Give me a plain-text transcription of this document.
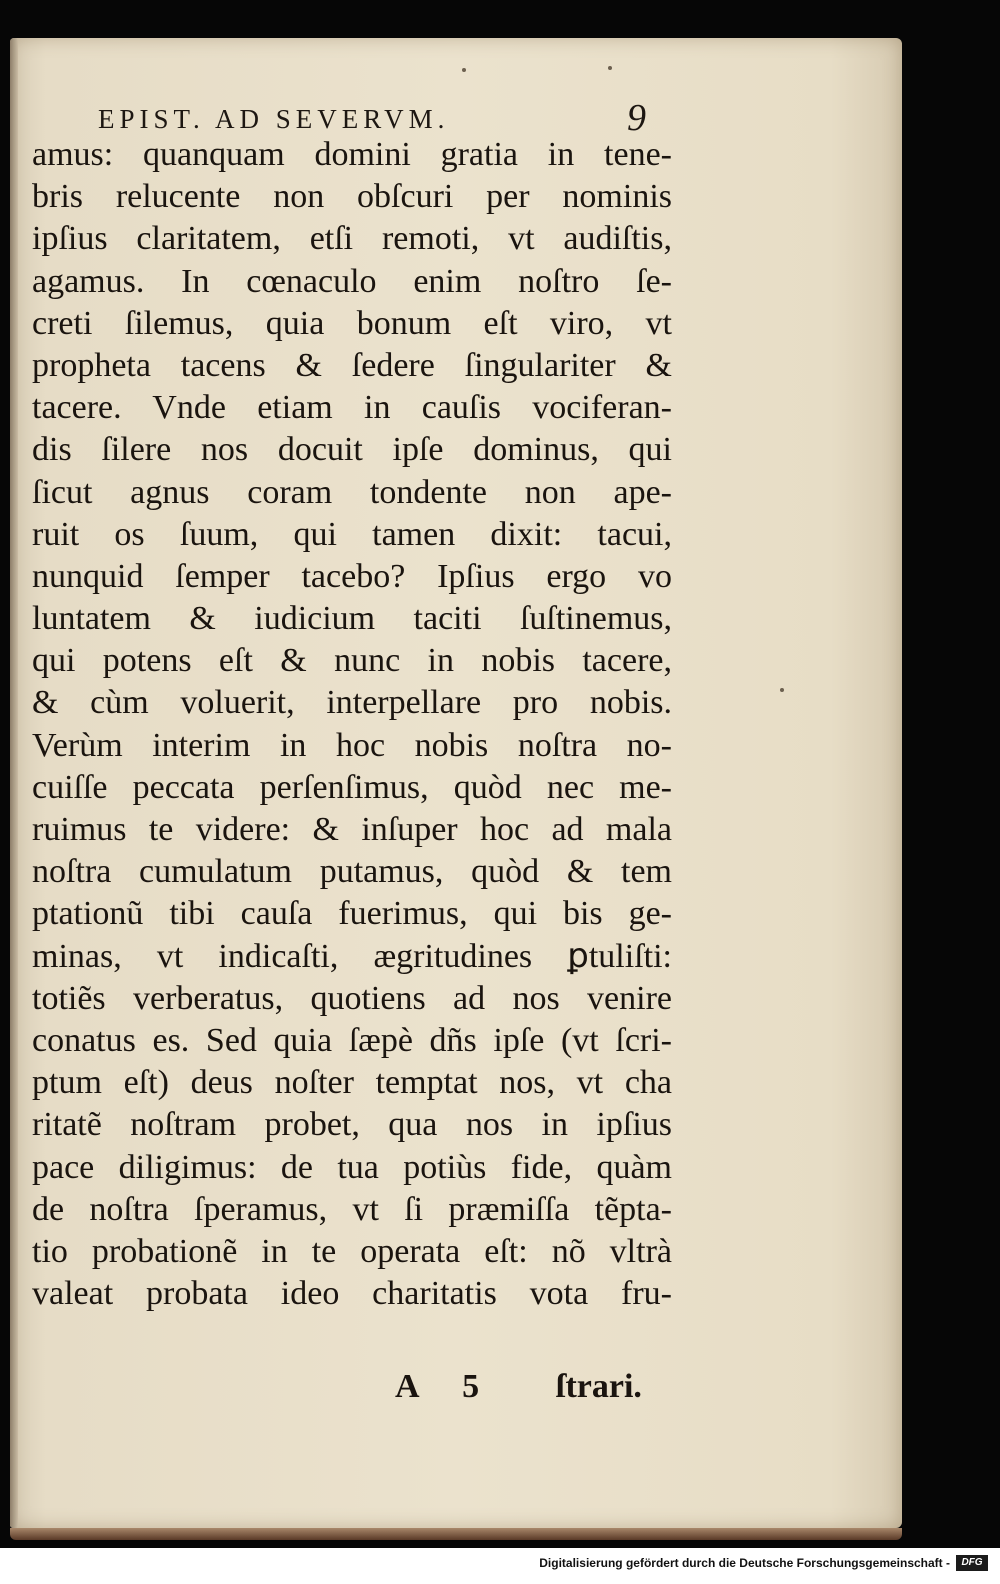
EPIST. AD SEVERVM.	9
amus: quanquam domini gratia in tene-
bris relucente non obſcuri per nominis
ipſius claritatem, etſi remoti, vt audiſtis,
agamus. In cœnaculo enim noſtro ſe-
creti ſilemus, quia bonum eſt viro, vt
propheta tacens & ſedere ſingulariter &
tacere. Vnde etiam in cauſis vociferan-
dis ſilere nos docuit ipſe dominus, qui
ſicut agnus coram tondente non ape-
ruit os ſuum, qui tamen dixit: tacui,
nunquid ſemper tacebo? Ipſius ergo vo
luntatem & iudicium taciti ſuſtinemus,
qui potens eſt & nunc in nobis tacere,
& cùm voluerit, interpellare pro nobis.
Verùm interim in hoc nobis noſtra no-
cuiſſe peccata perſenſimus, quòd nec me-
ruimus te videre: & inſuper hoc ad mala
noſtra cumulatum putamus, quòd & tem
ptationũ tibi cauſa fuerimus, qui bis ge-
minas, vt indicaſti, ægritudines ꝑtuliſti:
totiẽs verberatus, quotiens ad nos venire
conatus es. Sed quia ſæpè dñs ipſe (vt ſcri-
ptum eſt) deus noſter temptat nos, vt cha
ritatẽ noſtram probet, qua nos in ipſius
pace diligimus: de tua potiùs fide, quàm
de noſtra ſperamus, vt ſi præmiſſa tẽpta-
tio probationẽ in te operata eſt: nõ vltrà
valeat probata ideo charitatis vota fru-
A 5 ſtrari.
Digitalisierung gefördert durch die Deutsche Forschungsgemeinschaft -	DFG
